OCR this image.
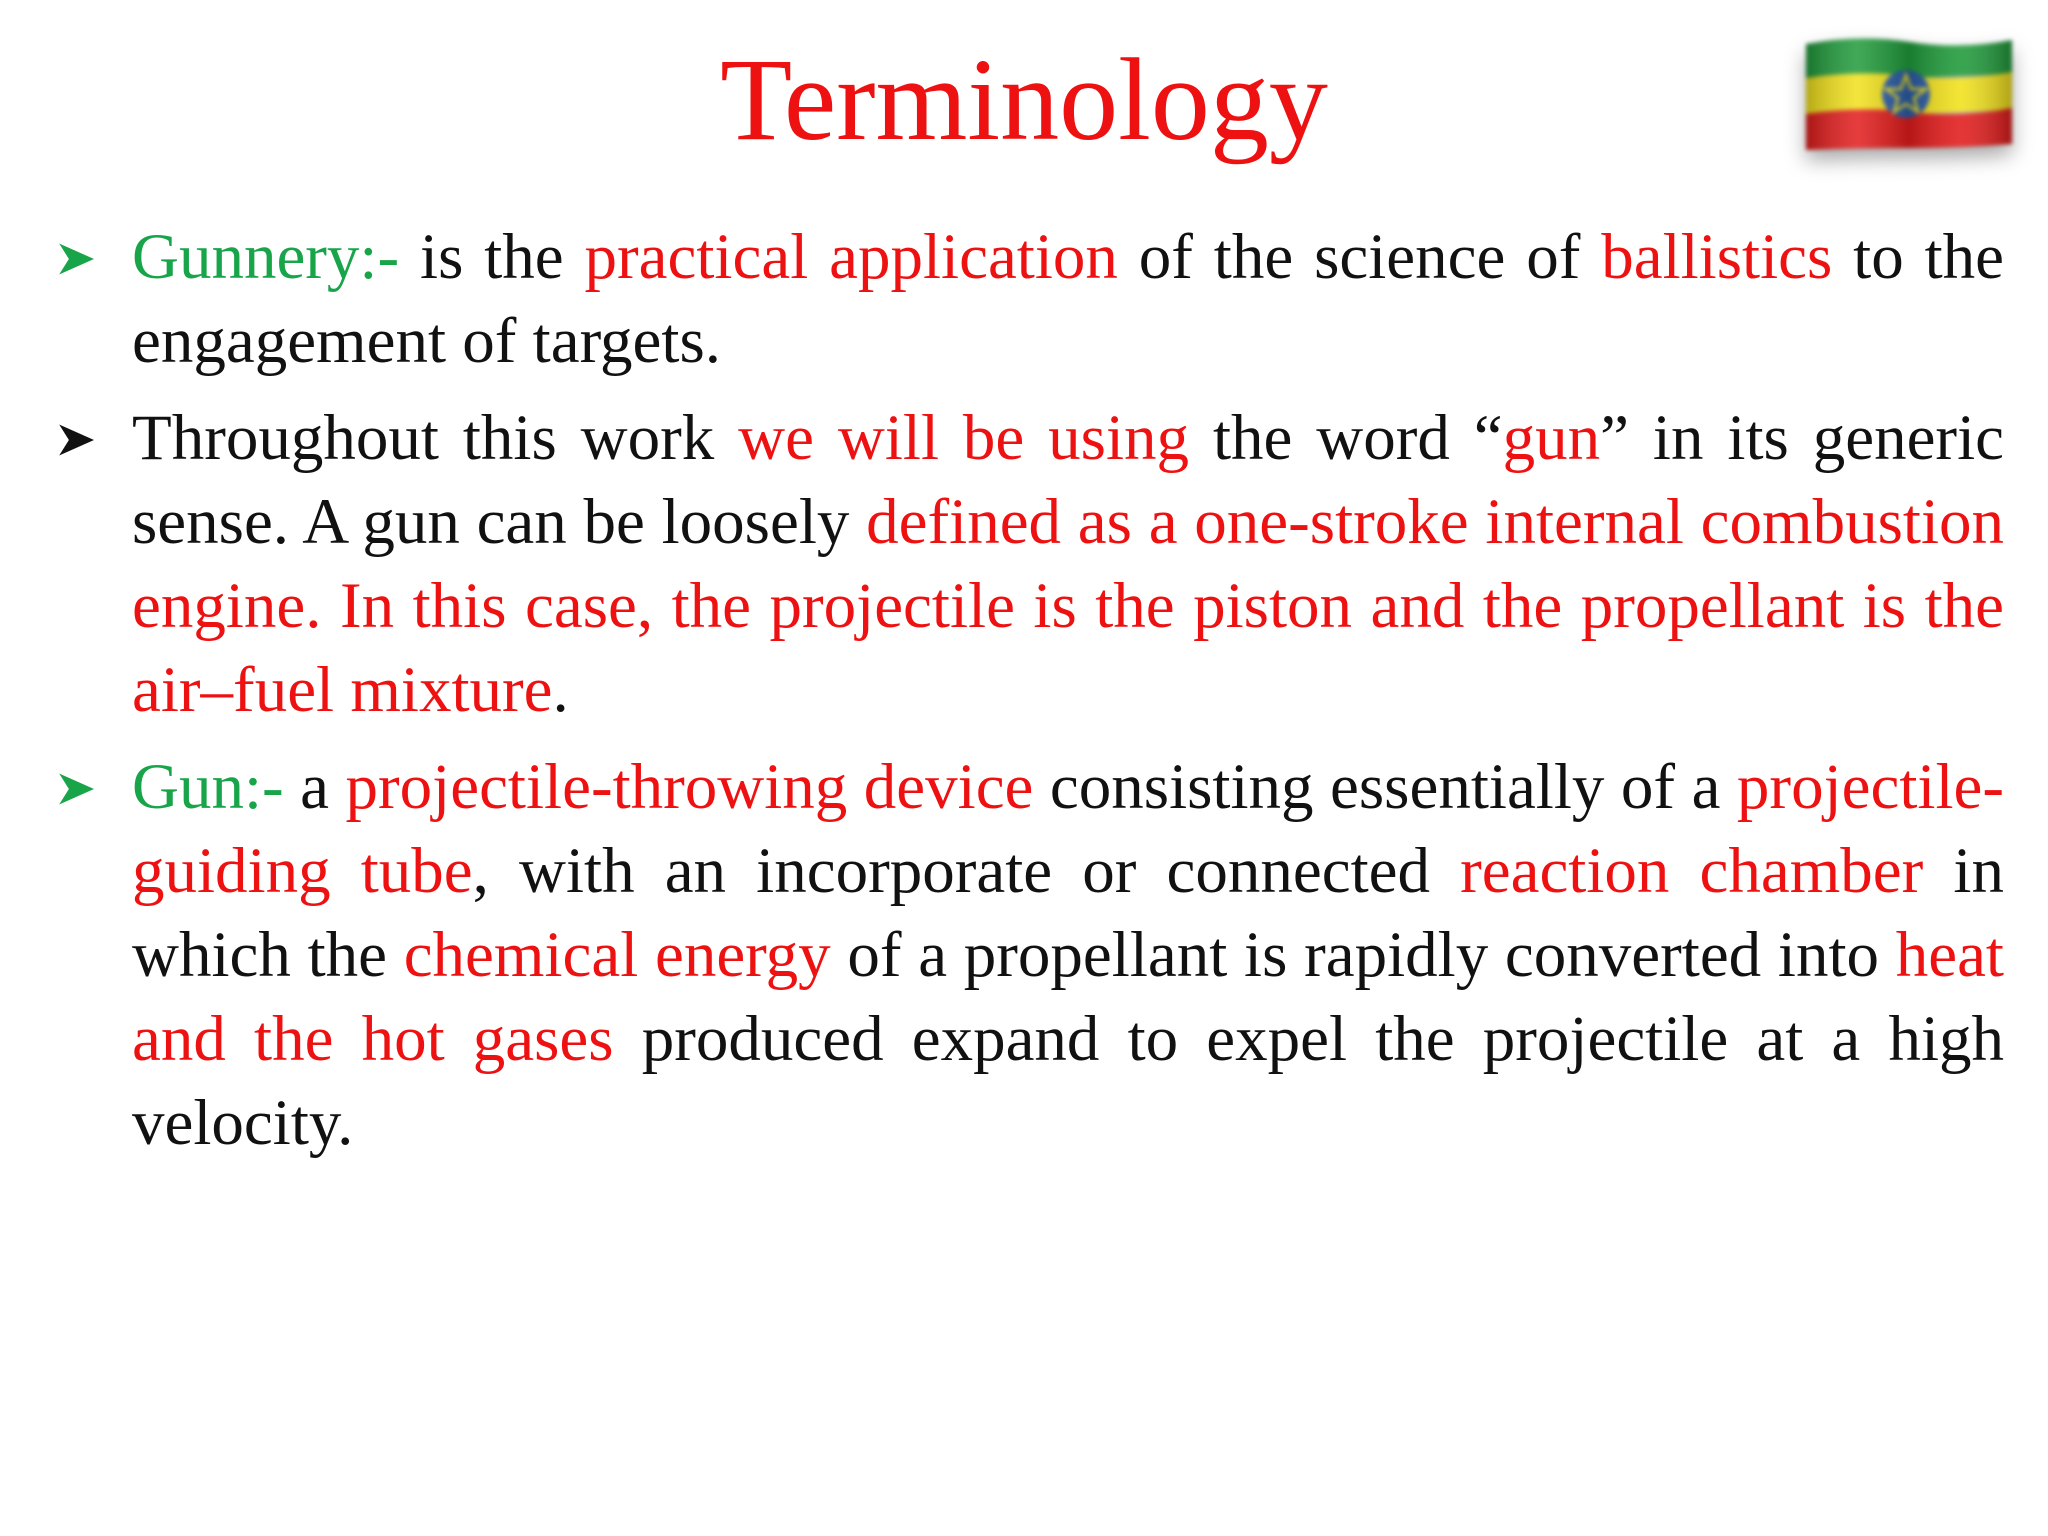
Terminology
Gunnery:- is the practical application of the science of ballistics to the engagement of targets.
Throughout this work we will be using the word “gun” in its generic sense. A gun can be loosely defined as a one-stroke internal combustion engine. In this case, the projectile is the piston and the propellant is the air–fuel mixture.
Gun:- a projectile-throwing device consisting essentially of a projectile-guiding tube, with an incorporate or connected reaction chamber in which the chemical energy of a propellant is rapidly converted into heat and the hot gases produced expand to expel the projectile at a high velocity.
